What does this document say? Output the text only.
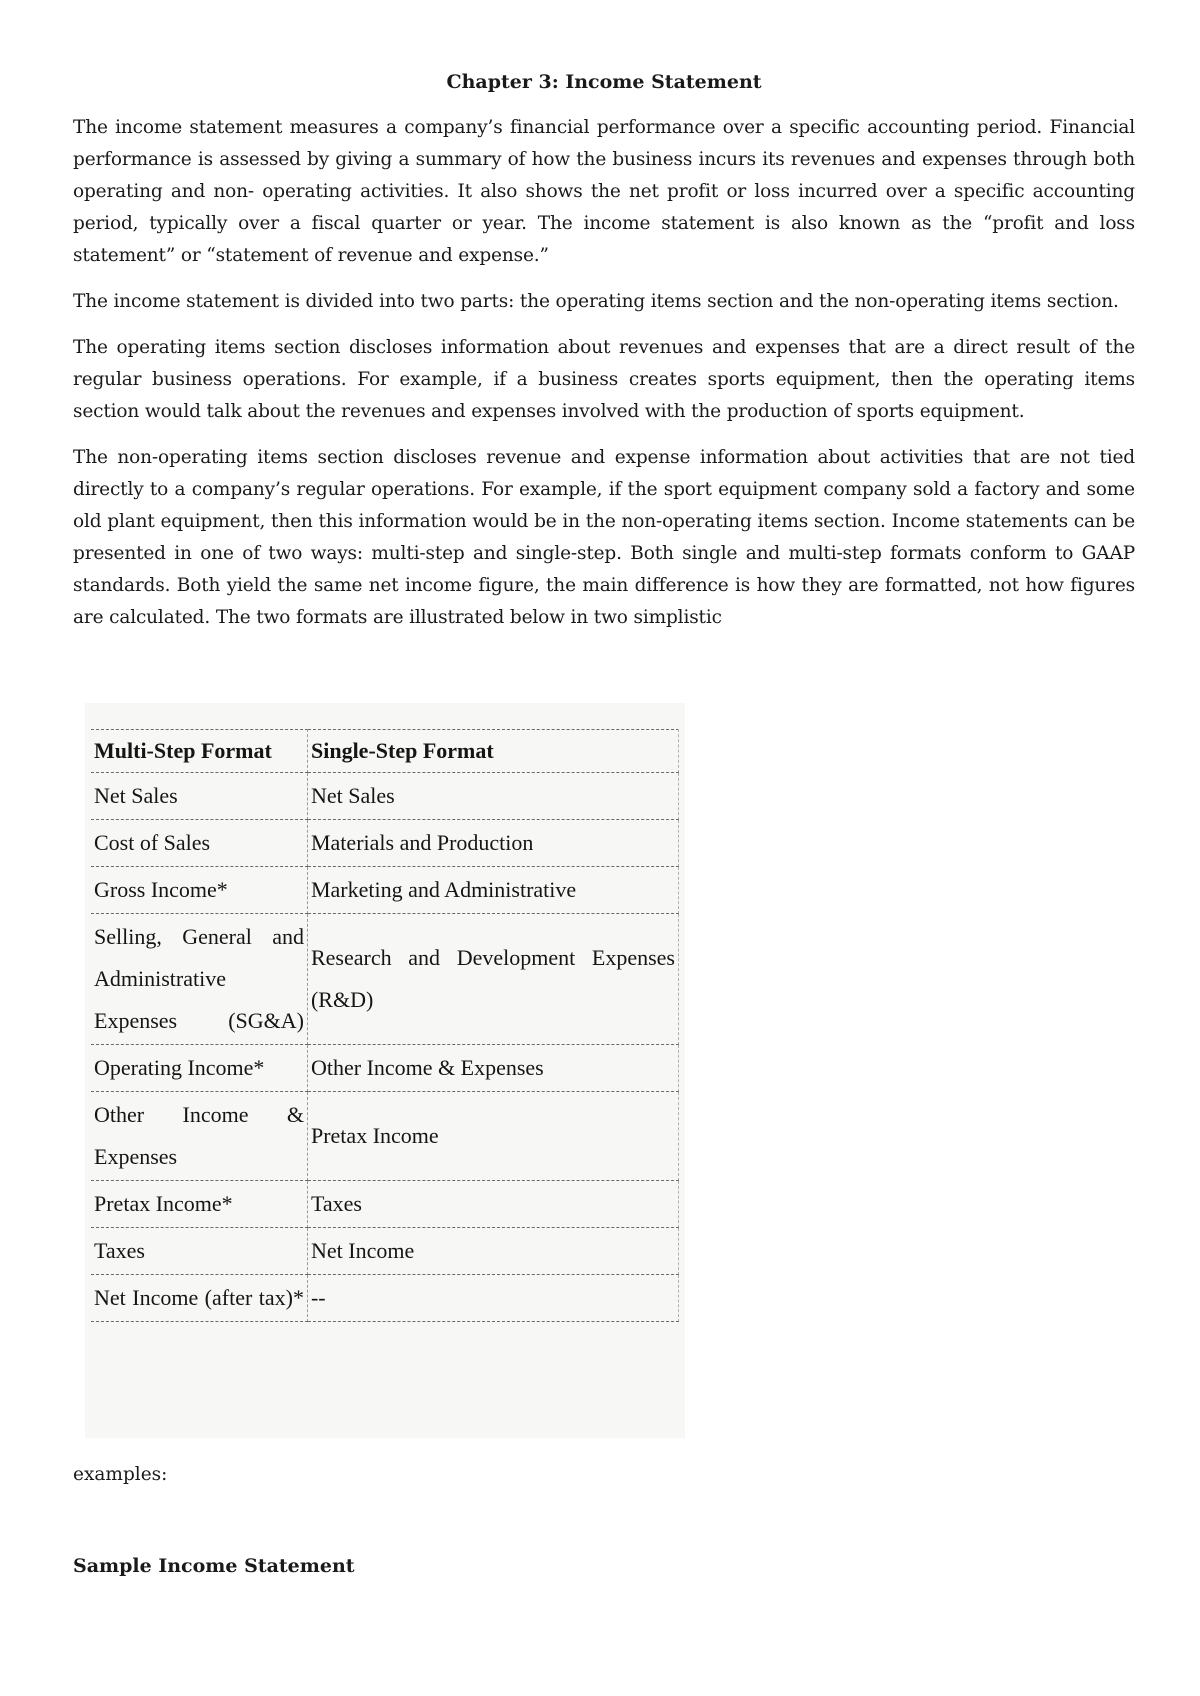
Chapter 3: Income Statement

The income statement measures a company’s financial performance over a specific accounting period. Financial performance is assessed by giving a summary of how the business incurs its revenues and expenses through both operating and non- operating activities. It also shows the net profit or loss incurred over a specific accounting period, typically over a fiscal quarter or year. The income statement is also known as the “profit and loss statement” or “statement of revenue and expense.”

The income statement is divided into two parts: the operating items section and the non-operating items section.

The operating items section discloses information about revenues and expenses that are a direct result of the regular business operations. For example, if a business creates sports equipment, then the operating items section would talk about the revenues and expenses involved with the production of sports equipment.

The non-operating items section discloses revenue and expense information about activities that are not tied directly to a company’s regular operations. For example, if the sport equipment company sold a factory and some old plant equipment, then this information would be in the non-operating items section. Income statements can be presented in one of two ways: multi-step and single-step. Both single and multi-step formats conform to GAAP standards. Both yield the same net income figure, the main difference is how they are formatted, not how figures are calculated. The two formats are illustrated below in two simplistic

Multi-Step Format	Single-Step Format
Net Sales	Net Sales
Cost of Sales	Materials and Production
Gross Income*	Marketing and Administrative
Selling, General and Administrative Expenses (SG&A)	Research and Development Expenses (R&D)
Operating Income*	Other Income & Expenses
Other Income & Expenses	Pretax Income
Pretax Income*	Taxes
Taxes	Net Income
Net Income (after tax)*	--
examples:
Sample Income Statement
